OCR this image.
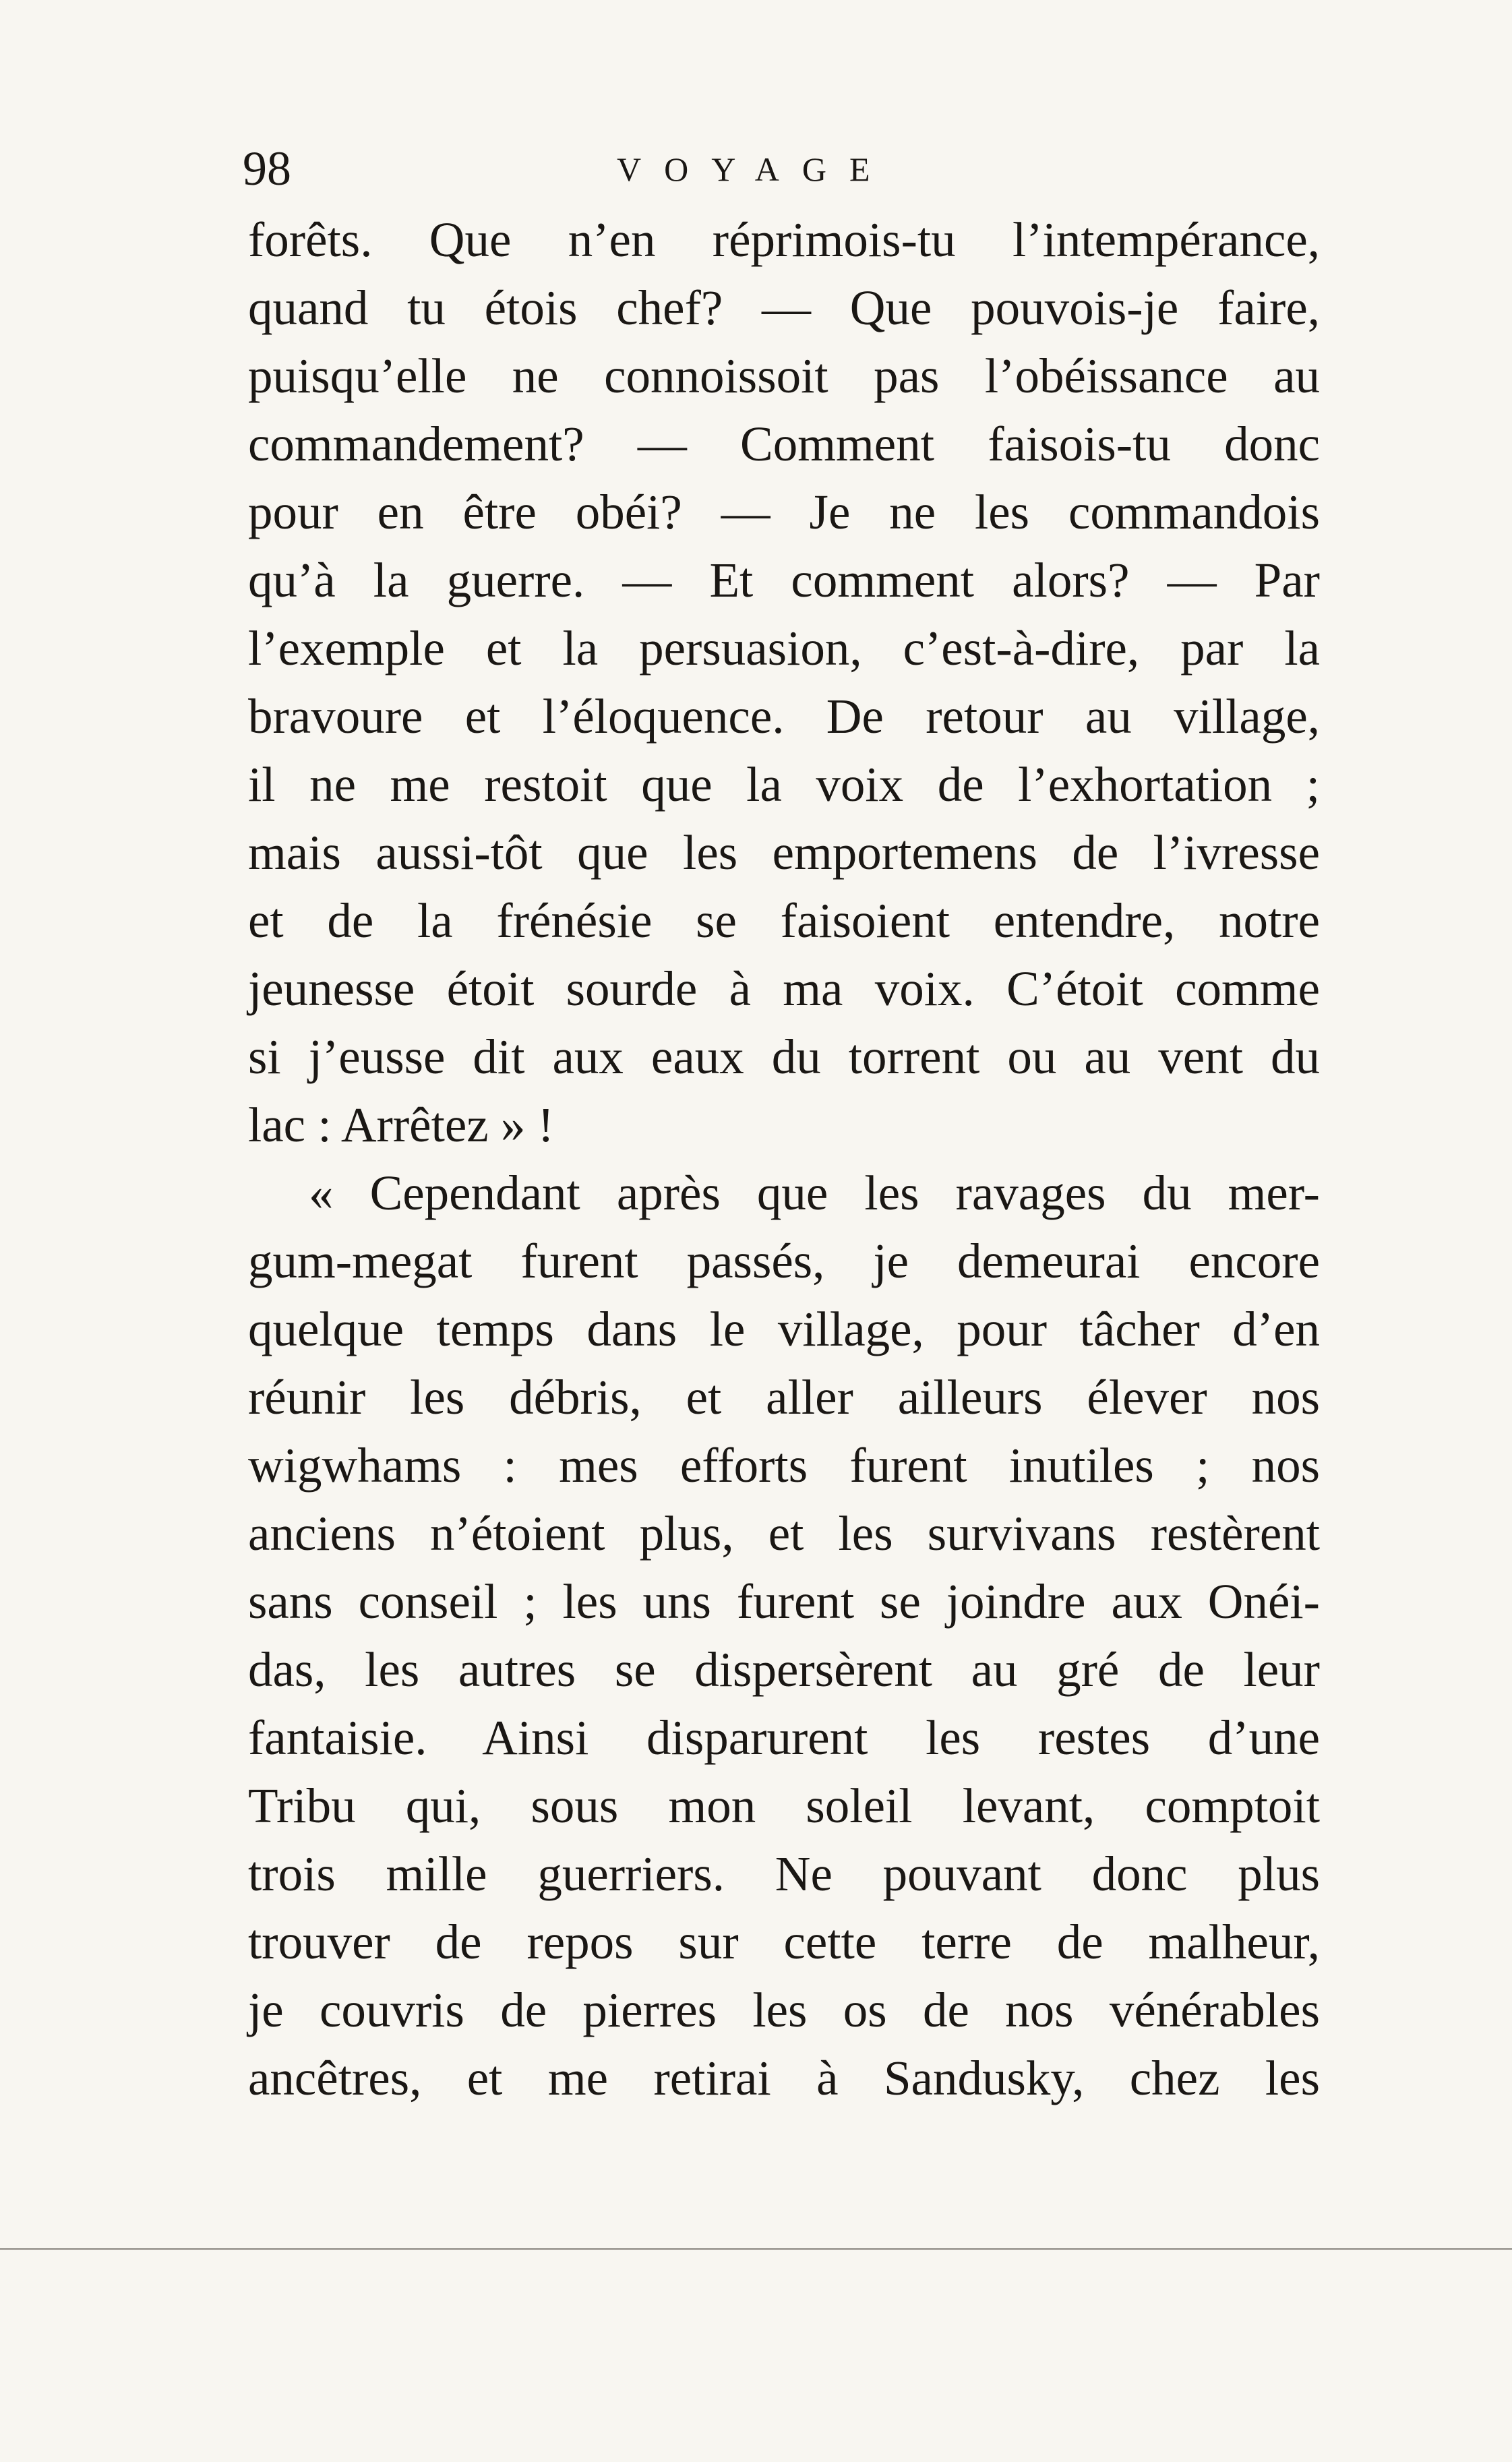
98	VOYAGE
forêts. Que n’en réprimois-tu l’intempérance,
quand tu étois chef? — Que pouvois-je faire,
puisqu’elle ne connoissoit pas l’obéissance au
commandement? — Comment faisois-tu donc
pour en être obéi? — Je ne les commandois
qu’à la guerre. — Et comment alors? — Par
l’exemple et la persuasion, c’est-à-dire, par la
bravoure et l’éloquence. De retour au village,
il ne me restoit que la voix de l’exhortation ;
mais aussi-tôt que les emportemens de l’ivresse
et de la frénésie se faisoient entendre, notre
jeunesse étoit sourde à ma voix. C’étoit comme
si j’eusse dit aux eaux du torrent ou au vent du
lac : Arrêtez » !
« Cependant après que les ravages du mer-
gum-megat furent passés, je demeurai encore
quelque temps dans le village, pour tâcher d’en
réunir les débris, et aller ailleurs élever nos
wigwhams : mes efforts furent inutiles ; nos
anciens n’étoient plus, et les survivans restèrent
sans conseil ; les uns furent se joindre aux Onéi-
das, les autres se dispersèrent au gré de leur
fantaisie. Ainsi disparurent les restes d’une
Tribu qui, sous mon soleil levant, comptoit
trois mille guerriers. Ne pouvant donc plus
trouver de repos sur cette terre de malheur,
je couvris de pierres les os de nos vénérables
ancêtres, et me retirai à Sandusky, chez les
